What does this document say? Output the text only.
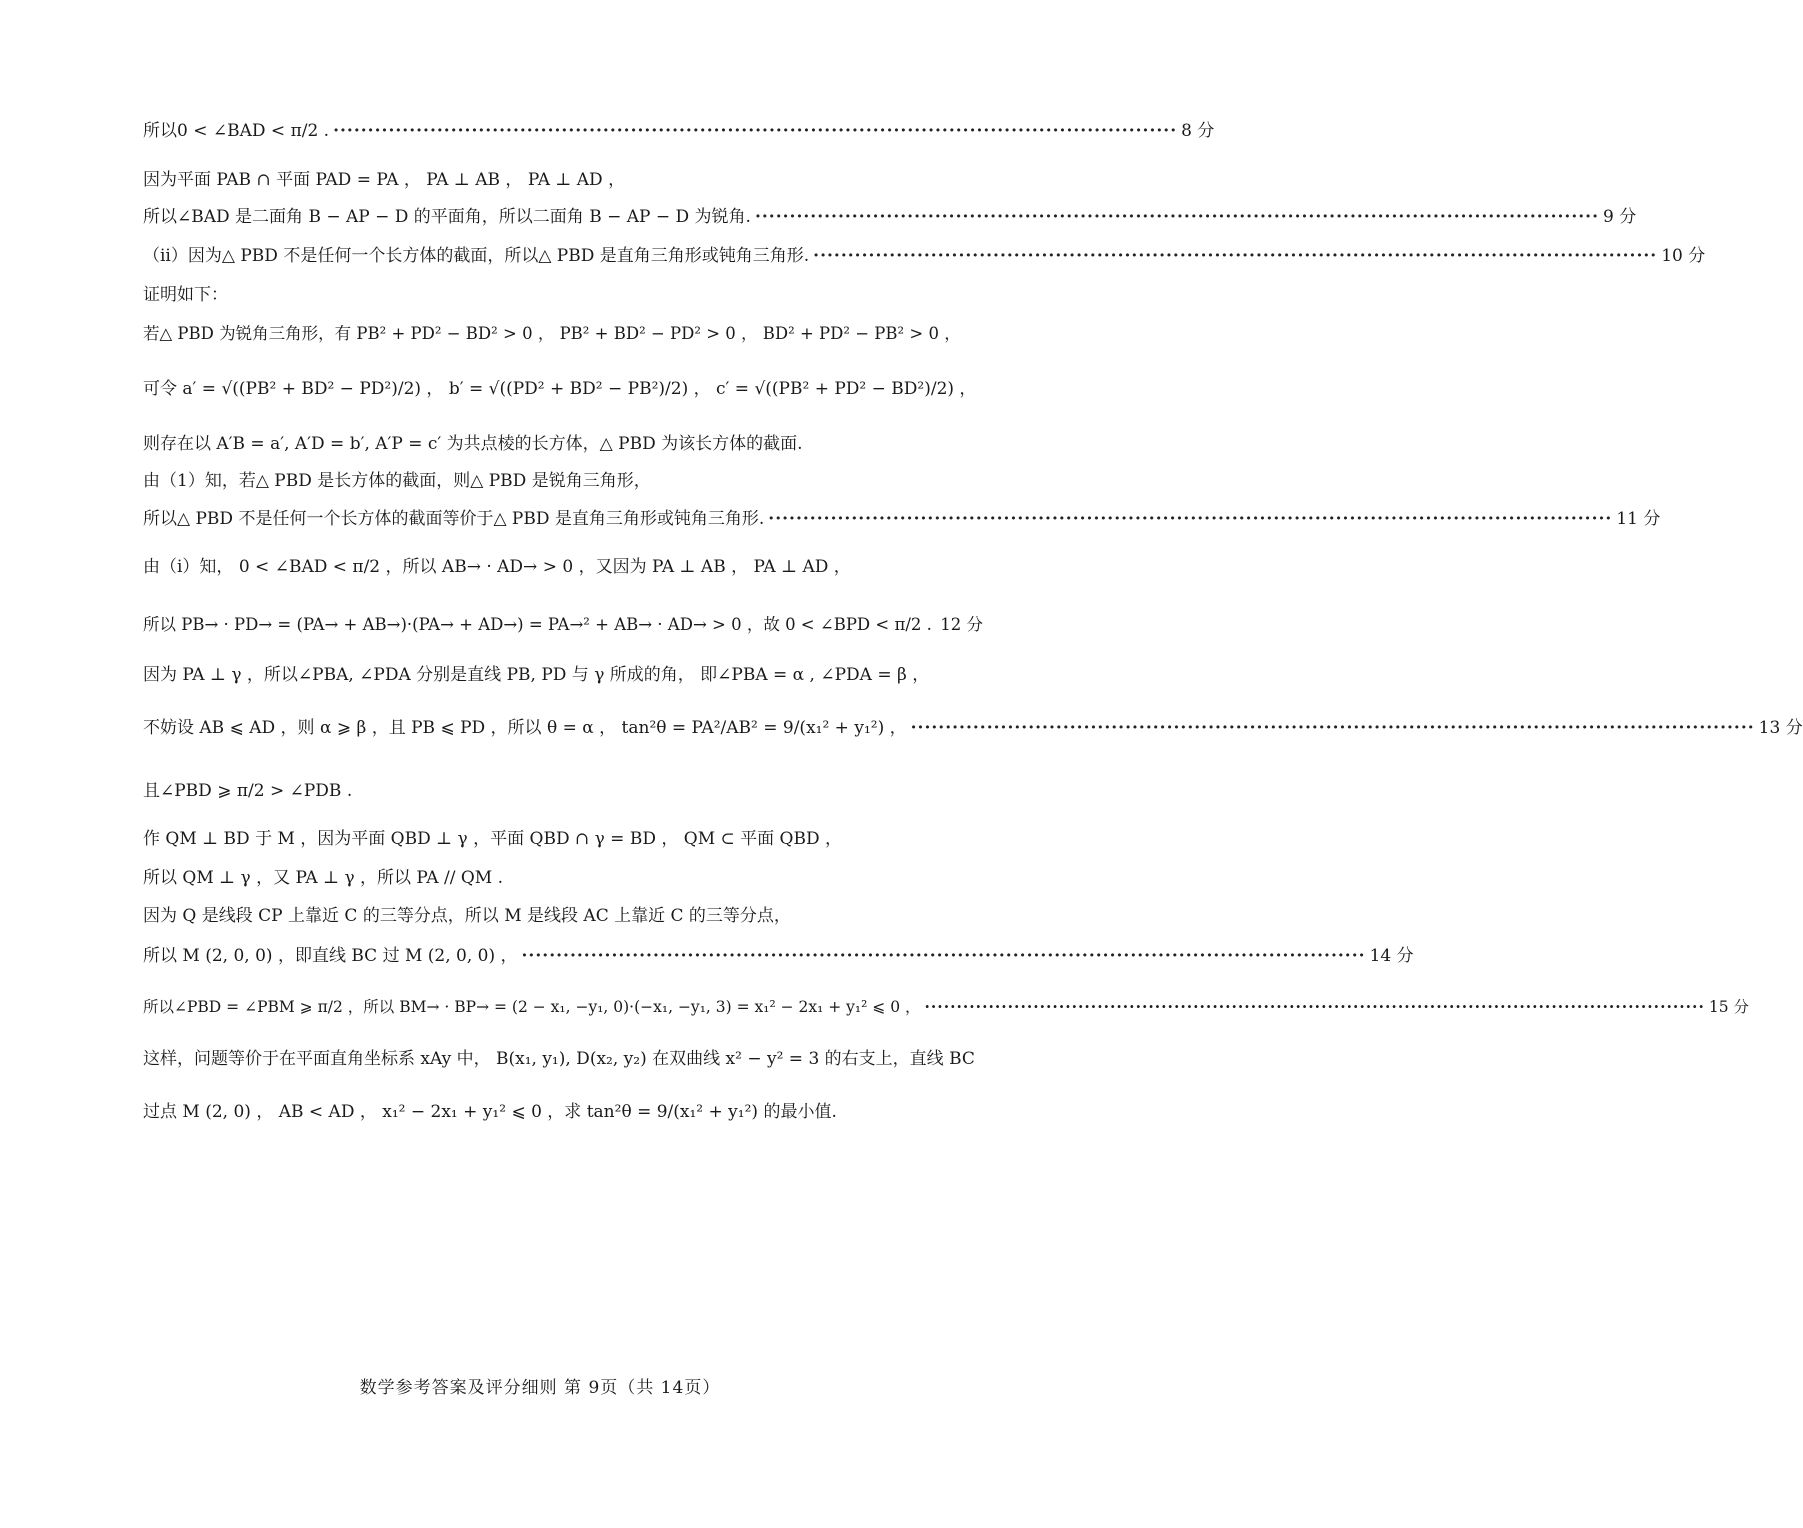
所以0 < ∠BAD < π/2 . ·························································································································· 8 分
因为平面 PAB ∩ 平面 PAD = PA ， PA ⊥ AB ， PA ⊥ AD ，
所以∠BAD 是二面角 B − AP − D 的平面角，所以二面角 B − AP − D 为锐角. ·························································································································· 9 分
（ii）因为△ PBD 不是任何一个长方体的截面，所以△ PBD 是直角三角形或钝角三角形. ·························································································································· 10 分
证明如下：
若△ PBD 为锐角三角形，有 PB² + PD² − BD² > 0 ， PB² + BD² − PD² > 0 ， BD² + PD² − PB² > 0 ，
可令 a′ = √((PB² + BD² − PD²)/2) ， b′ = √((PD² + BD² − PB²)/2) ， c′ = √((PB² + PD² − BD²)/2) ，
则存在以 A′B = a′, A′D = b′, A′P = c′ 为共点棱的长方体，△ PBD 为该长方体的截面.
由（1）知，若△ PBD 是长方体的截面，则△ PBD 是锐角三角形，
所以△ PBD 不是任何一个长方体的截面等价于△ PBD 是直角三角形或钝角三角形. ·························································································································· 11 分
由（i）知， 0 < ∠BAD < π/2 ，所以 AB→ · AD→ > 0 ，又因为 PA ⊥ AB ， PA ⊥ AD ，
所以 PB→ · PD→ = (PA→ + AB→)·(PA→ + AD→) = PA→² + AB→ · AD→ > 0 ，故 0 < ∠BPD < π/2 . 12 分
因为 PA ⊥ γ ，所以∠PBA, ∠PDA 分别是直线 PB, PD 与 γ 所成的角， 即∠PBA = α , ∠PDA = β ，
不妨设 AB ⩽ AD ，则 α ⩾ β ，且 PB ⩽ PD ，所以 θ = α ， tan²θ = PA²/AB² = 9/(x₁² + y₁²) ， ·························································································································· 13 分
且∠PBD ⩾ π/2 > ∠PDB .
作 QM ⊥ BD 于 M ，因为平面 QBD ⊥ γ ，平面 QBD ∩ γ = BD ， QM ⊂ 平面 QBD ，
所以 QM ⊥ γ ，又 PA ⊥ γ ，所以 PA // QM .
因为 Q 是线段 CP 上靠近 C 的三等分点，所以 M 是线段 AC 上靠近 C 的三等分点，
所以 M (2, 0, 0) ，即直线 BC 过 M (2, 0, 0) ， ·························································································································· 14 分
所以∠PBD = ∠PBM ⩾ π/2 ，所以 BM→ · BP→ = (2 − x₁, −y₁, 0)·(−x₁, −y₁, 3) = x₁² − 2x₁ + y₁² ⩽ 0 ， ·························································································································· 15 分
这样，问题等价于在平面直角坐标系 xAy 中， B(x₁, y₁), D(x₂, y₂) 在双曲线 x² − y² = 3 的右支上，直线 BC
过点 M (2, 0) ， AB < AD ， x₁² − 2x₁ + y₁² ⩽ 0 ，求 tan²θ = 9/(x₁² + y₁²) 的最小值.
数学参考答案及评分细则 第 9页（共 14页）
